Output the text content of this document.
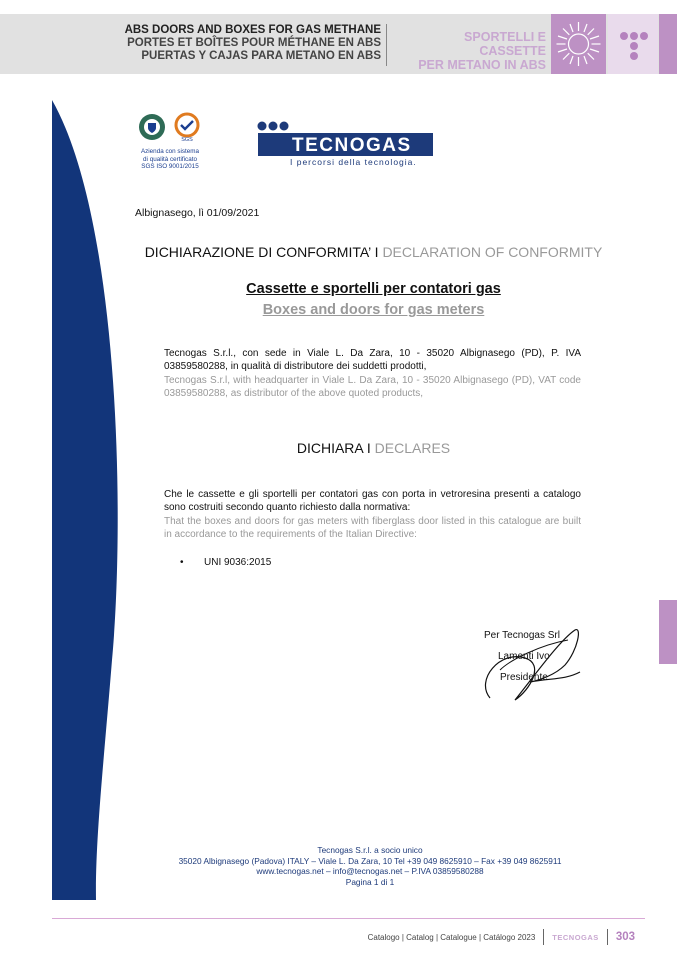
ABS DOORS AND BOXES FOR GAS METHANE
PORTES ET BOÎTES POUR MÉTHANE EN ABS
PUERTAS Y CAJAS PARA METANO EN ABS
SPORTELLI E CASSETTE
PER METANO IN ABS
SGS
Azienda con sistema
di qualità certificato
SGS ISO 9001/2015
TECNOGAS
I percorsi della tecnologia.
Albignasego, lì 01/09/2021
DICHIARAZIONE DI CONFORMITA’ I DECLARATION OF CONFORMITY
Cassette e sportelli per contatori gas
Boxes and doors for gas meters
Tecnogas S.r.l., con sede in Viale L. Da Zara, 10 - 35020 Albignasego (PD), P. IVA 03859580288, in qualità di distributore dei suddetti prodotti,
Tecnogas S.r.l, with headquarter in Viale L. Da Zara, 10 - 35020 Albignasego (PD), VAT code 03859580288, as distributor of the above quoted products,
DICHIARA I DECLARES
Che le cassette e gli sportelli per contatori gas con porta in vetroresina presenti a catalogo sono costruiti secondo quanto richiesto dalla normativa:
That the boxes and doors for gas meters with fiberglass door listed in this catalogue are built in accordance to the requirements of the Italian Directive:
• UNI 9036:2015
Per Tecnogas Srl
Lamenti Ivo
Presidente
Tecnogas S.r.l. a socio unico
35020 Albignasego (Padova) ITALY – Viale L. Da Zara, 10 Tel +39 049 8625910 – Fax +39 049 8625911
www.tecnogas.net – info@tecnogas.net – P.IVA 03859580288
Pagina 1 di 1
Catalogo | Catalog | Catalogue | Catálogo 2023 TECNOGAS 303
